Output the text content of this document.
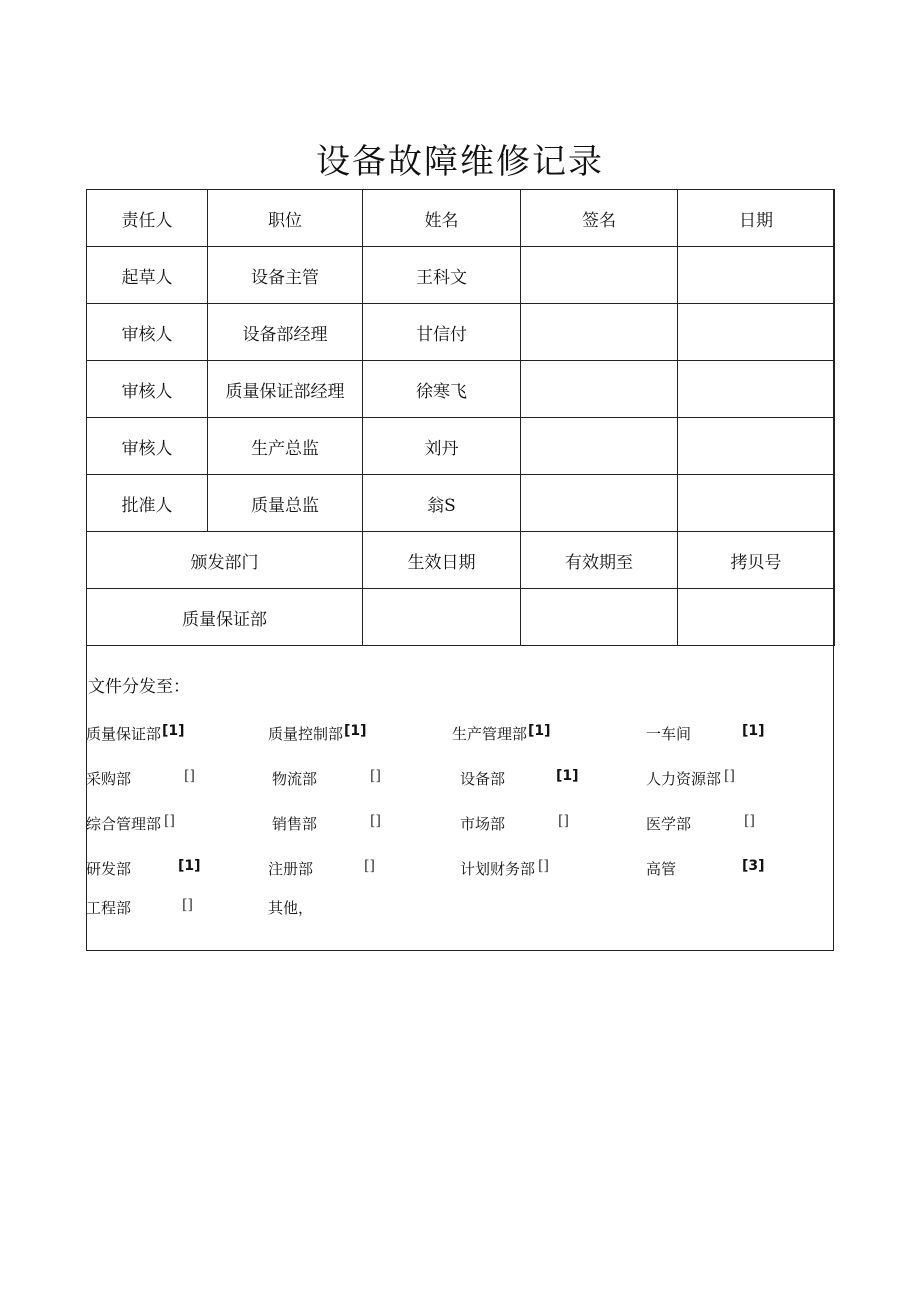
设备故障维修记录
责任人	职位	姓名	签名	日期
起草人	设备主管	王科文		
审核人	设备部经理	甘信付		
审核人	质量保证部经理	徐寒飞		
审核人	生产总监	刘丹		
批准人	质量总监	翁S		
颁发部门		生效日期	有效期至	拷贝号
质量保证部				
文件分发至：
质量保证部 [1]	质量控制部 [1]	生产管理部 [1]	一车间	[1]
采购部	[]	物流部	[]	设备部	[1]	人力资源部 []
综合管理部 []	销售部	[]	市场部	[]	医学部	[]
研发部	[1]	注册部	[]	计划财务部 []	高管	[3]
工程部	[]	其他，
